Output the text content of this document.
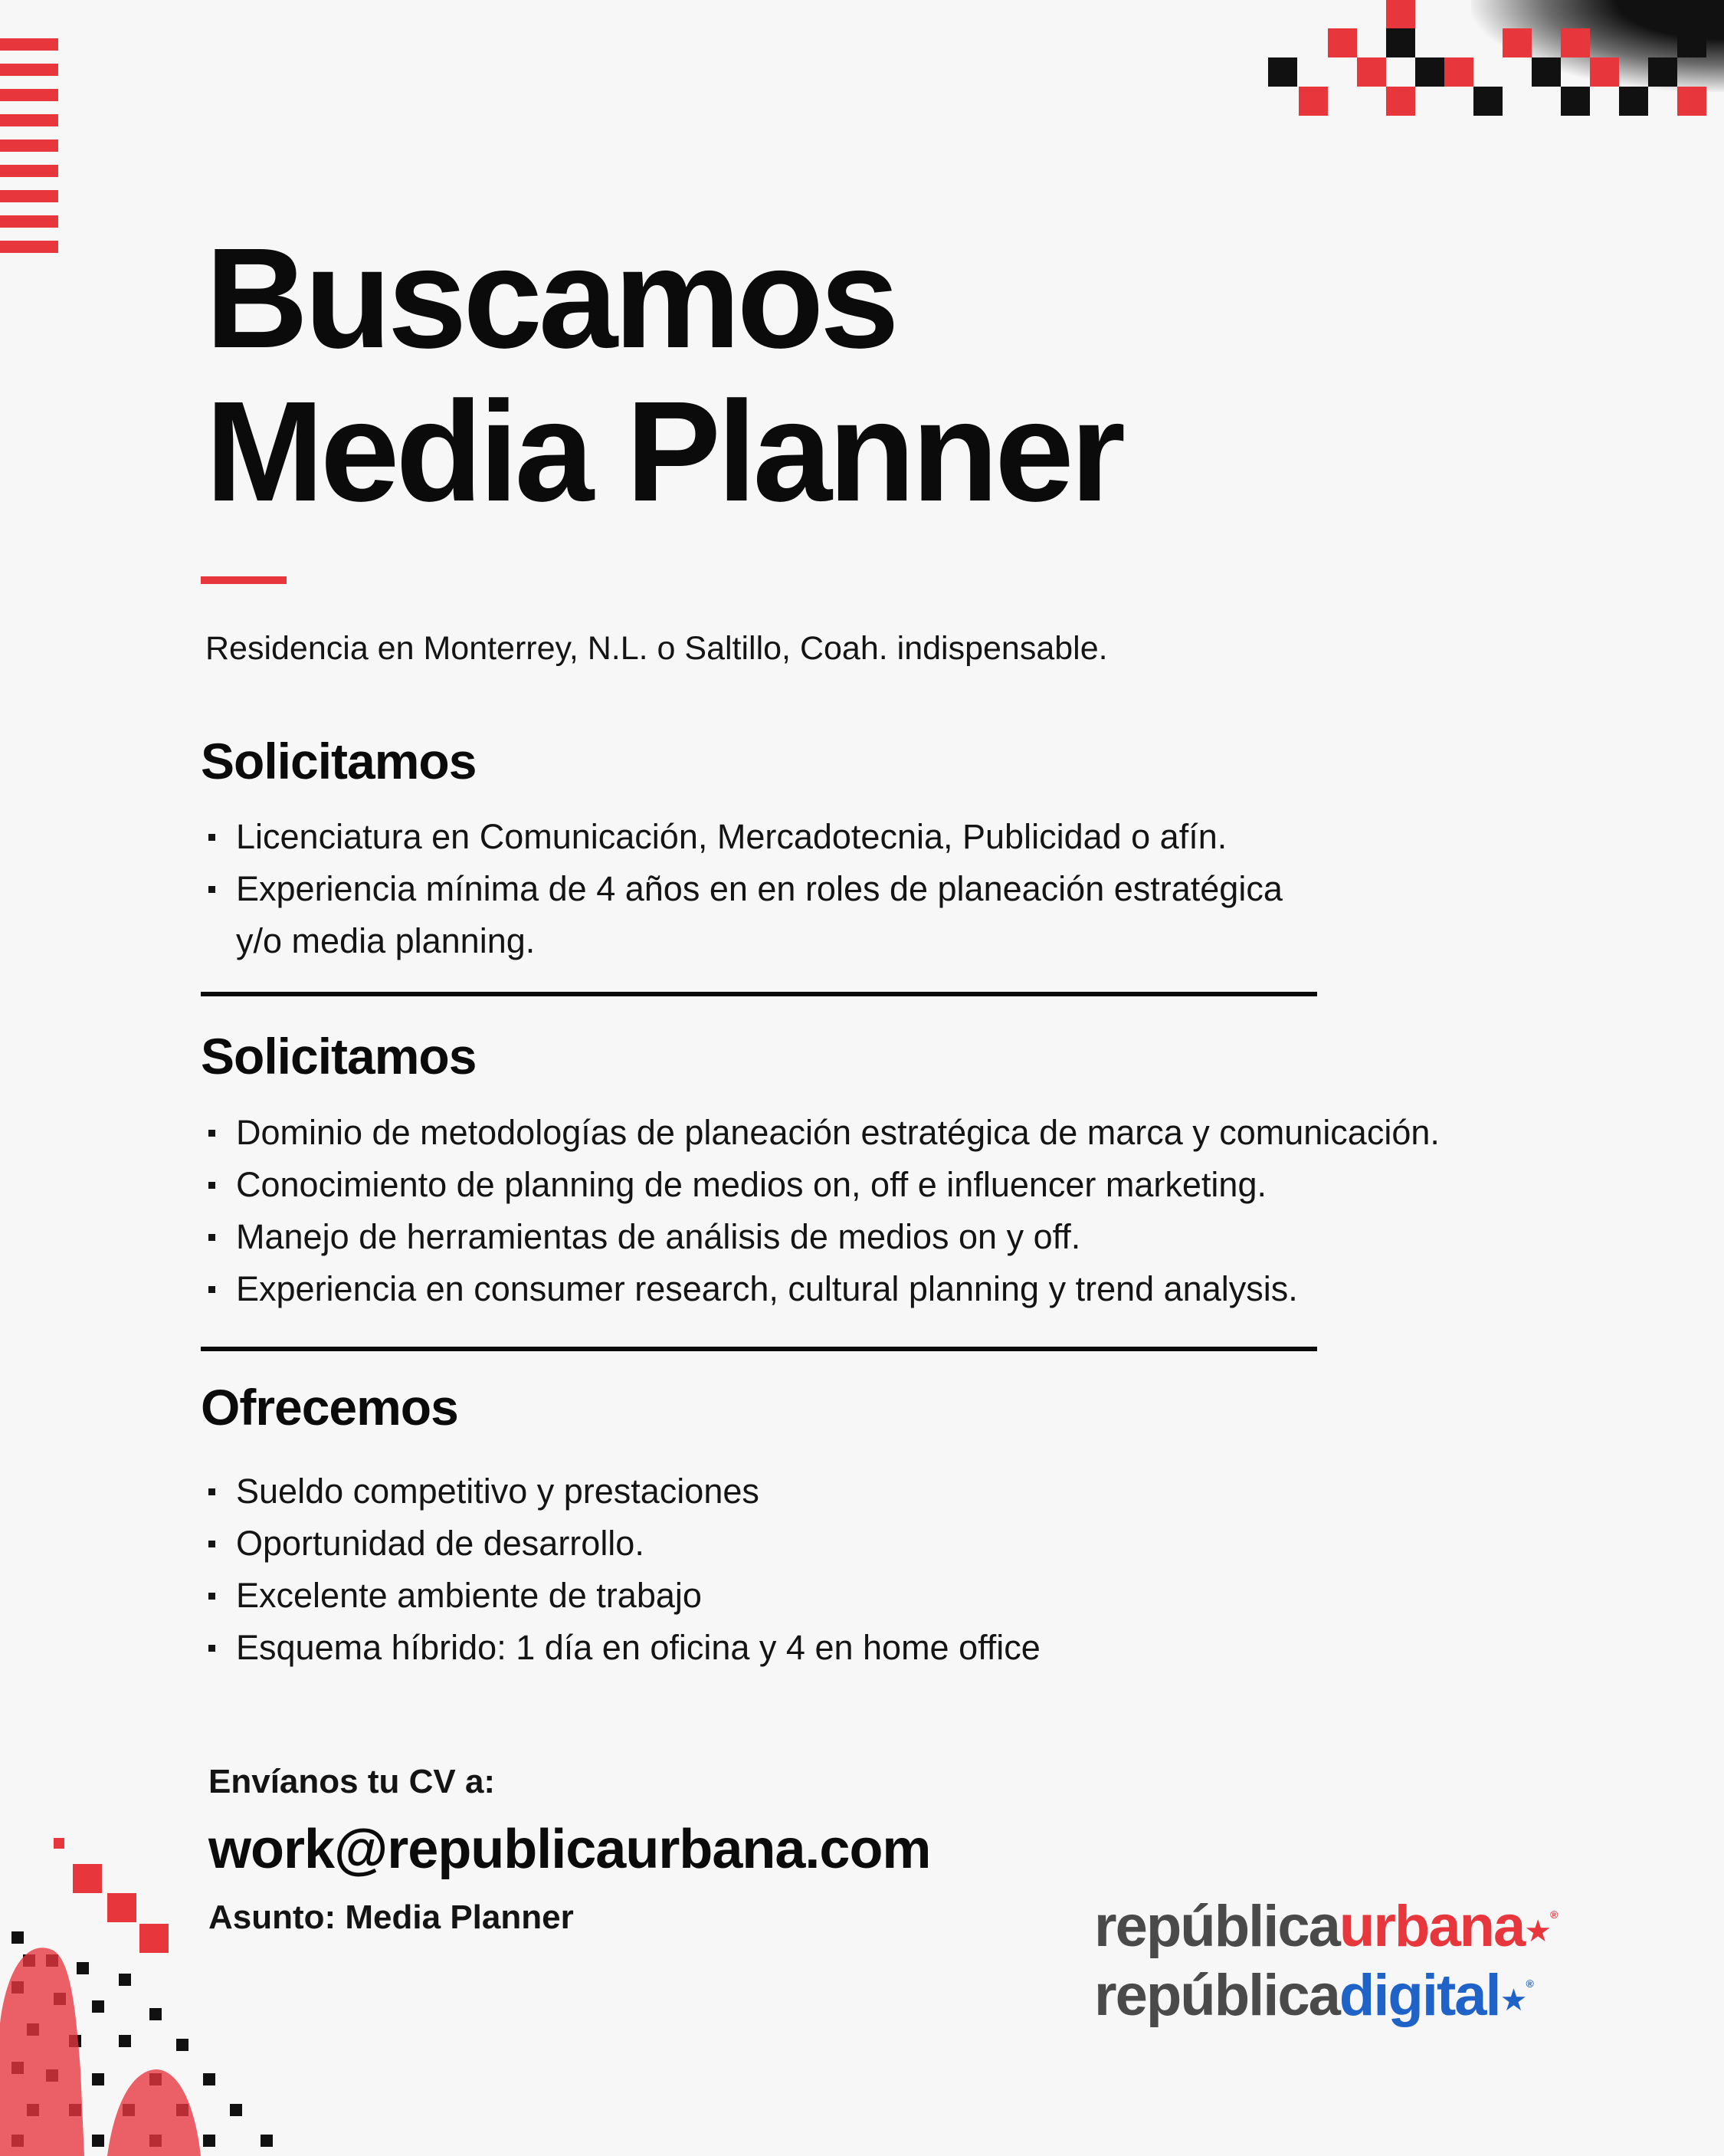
Buscamos
Media Planner
Residencia en Monterrey, N.L. o Saltillo, Coah. indispensable.
Solicitamos
Licenciatura en Comunicación, Mercadotecnia, Publicidad o afín.
Experiencia mínima de 4 años en en roles de planeación estratégica
y/o media planning.
Solicitamos
Dominio de metodologías de planeación estratégica de marca y comunicación.
Conocimiento de planning de medios on, off e influencer marketing.
Manejo de herramientas de análisis de medios on y off.
Experiencia en consumer research, cultural planning y trend analysis.
Ofrecemos
Sueldo competitivo y prestaciones
Oportunidad de desarrollo.
Excelente ambiente de trabajo
Esquema híbrido: 1 día en oficina y 4 en home office
Envíanos tu CV a:
work@republicaurbana.com
Asunto: Media Planner	repúblicaurbana★®
repúblicadigital★®
